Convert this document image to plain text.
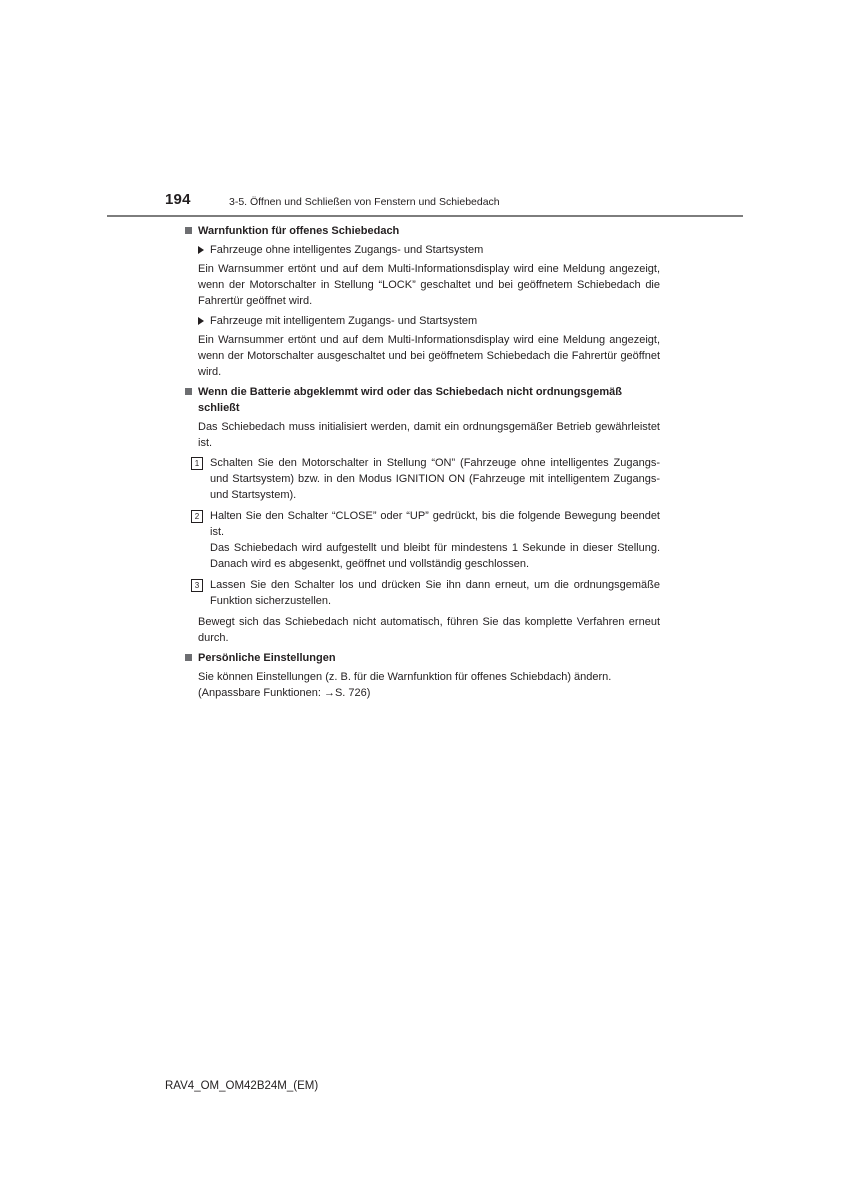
194	3-5. Öffnen und Schließen von Fenstern und Schiebedach

Warnfunktion für offenes Schiebedach

Fahrzeuge ohne intelligentes Zugangs- und Startsystem

Ein Warnsummer ertönt und auf dem Multi-Informationsdisplay wird eine Meldung angezeigt, wenn der Motorschalter in Stellung “LOCK” geschaltet und bei geöffnetem Schiebedach die Fahrertür geöffnet wird.

Fahrzeuge mit intelligentem Zugangs- und Startsystem

Ein Warnsummer ertönt und auf dem Multi-Informationsdisplay wird eine Meldung angezeigt, wenn der Motorschalter ausgeschaltet und bei geöffnetem Schiebedach die Fahrertür geöffnet wird.

Wenn die Batterie abgeklemmt wird oder das Schiebedach nicht ordnungsgemäß schließt

Das Schiebedach muss initialisiert werden, damit ein ordnungsgemäßer Betrieb gewährleistet ist.

1 Schalten Sie den Motorschalter in Stellung “ON” (Fahrzeuge ohne intelligentes Zugangs- und Startsystem) bzw. in den Modus IGNITION ON (Fahrzeuge mit intelligentem Zugangs- und Startsystem).

2 Halten Sie den Schalter “CLOSE” oder “UP” gedrückt, bis die folgende Bewegung beendet ist.

Das Schiebedach wird aufgestellt und bleibt für mindestens 1 Sekunde in dieser Stellung. Danach wird es abgesenkt, geöffnet und vollständig geschlossen.

3 Lassen Sie den Schalter los und drücken Sie ihn dann erneut, um die ordnungsgemäße Funktion sicherzustellen.

Bewegt sich das Schiebedach nicht automatisch, führen Sie das komplette Verfahren erneut durch.

Persönliche Einstellungen

Sie können Einstellungen (z. B. für die Warnfunktion für offenes Schiebdach) ändern. (Anpassbare Funktionen: →S. 726)

RAV4_OM_OM42B24M_(EM)
